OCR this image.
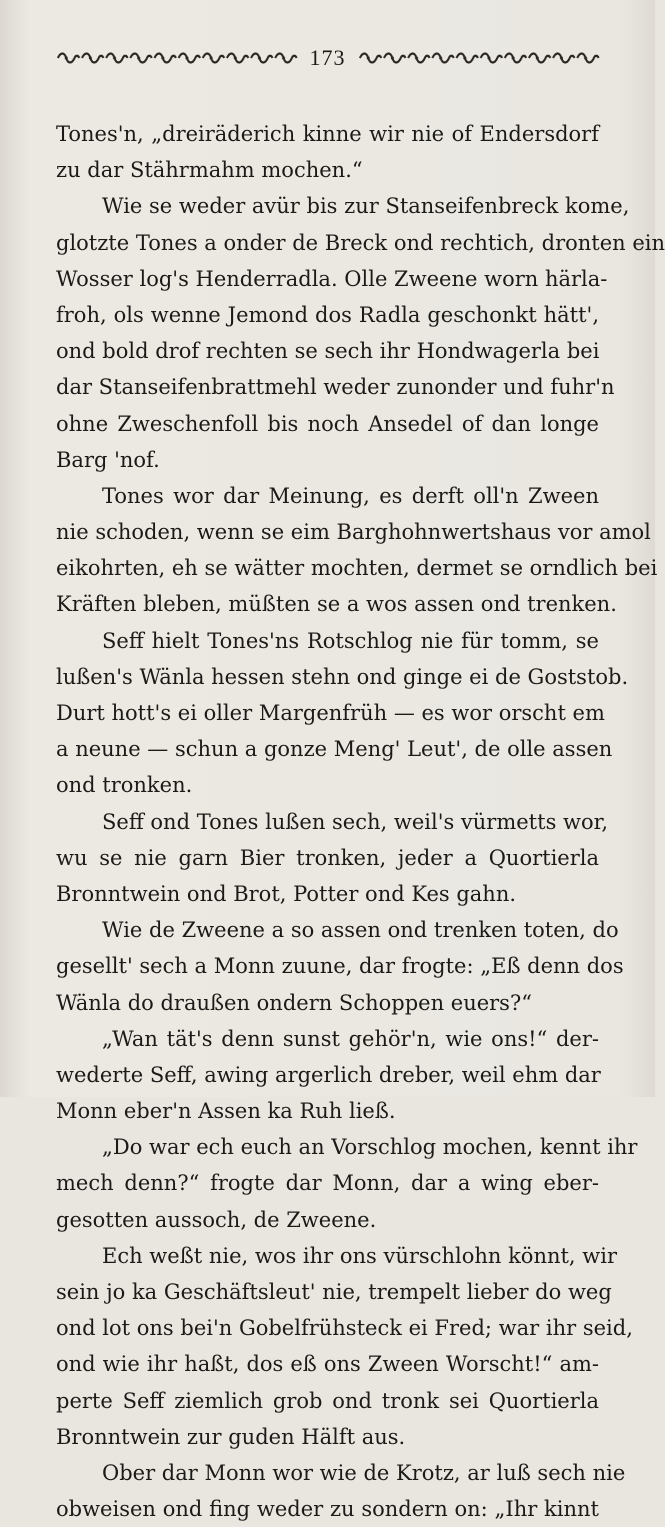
173
Tones'n, „dreiräderich kinne wir nie of Endersdorf
zu dar Stährmahm mochen.“
Wie se weder avür bis zur Stanseifenbreck kome,
glotzte Tones a onder de Breck ond rechtich, dronten ein
Wosser log's Henderradla. Olle Zweene worn härla-
froh, ols wenne Jemond dos Radla geschonkt hätt',
ond bold drof rechten se sech ihr Hondwagerla bei
dar Stanseifenbrattmehl weder zunonder und fuhr'n
ohne Zweschenfoll bis noch Ansedel of dan longe
Barg 'nof.
Tones wor dar Meinung, es derft oll'n Zween
nie schoden, wenn se eim Barghohnwertshaus vor amol
eikohrten, eh se wätter mochten, dermet se orndlich bei
Kräften bleben, müßten se a wos assen ond trenken.
Seff hielt Tones'ns Rotschlog nie für tomm, se
lußen's Wänla hessen stehn ond ginge ei de Goststob.
Durt hott's ei oller Margenfrüh — es wor orscht em
a neune — schun a gonze Meng' Leut', de olle assen
ond tronken.
Seff ond Tones lußen sech, weil's vürmetts wor,
wu se nie garn Bier tronken, jeder a Quortierla
Bronntwein ond Brot, Potter ond Kes gahn.
Wie de Zweene a so assen ond trenken toten, do
gesellt' sech a Monn zuune, dar frogte: „Eß denn dos
Wänla do draußen ondern Schoppen euers?“
„Wan tät's denn sunst gehör'n, wie ons!“ der-
wederte Seff, awing argerlich dreber, weil ehm dar
Monn eber'n Assen ka Ruh ließ.
„Do war ech euch an Vorschlog mochen, kennt ihr
mech denn?“ frogte dar Monn, dar a wing eber-
gesotten aussoch, de Zweene.
Ech weßt nie, wos ihr ons vürschlohn könnt, wir
sein jo ka Geschäftsleut' nie, trempelt lieber do weg
ond lot ons bei'n Gobelfrühsteck ei Fred; war ihr seid,
ond wie ihr haßt, dos eß ons Zween Worscht!“ am-
perte Seff ziemlich grob ond tronk sei Quortierla
Bronntwein zur guden Hälft aus.
Ober dar Monn wor wie de Krotz, ar luß sech nie
obweisen ond fing weder zu sondern on: „Ihr kinnt
